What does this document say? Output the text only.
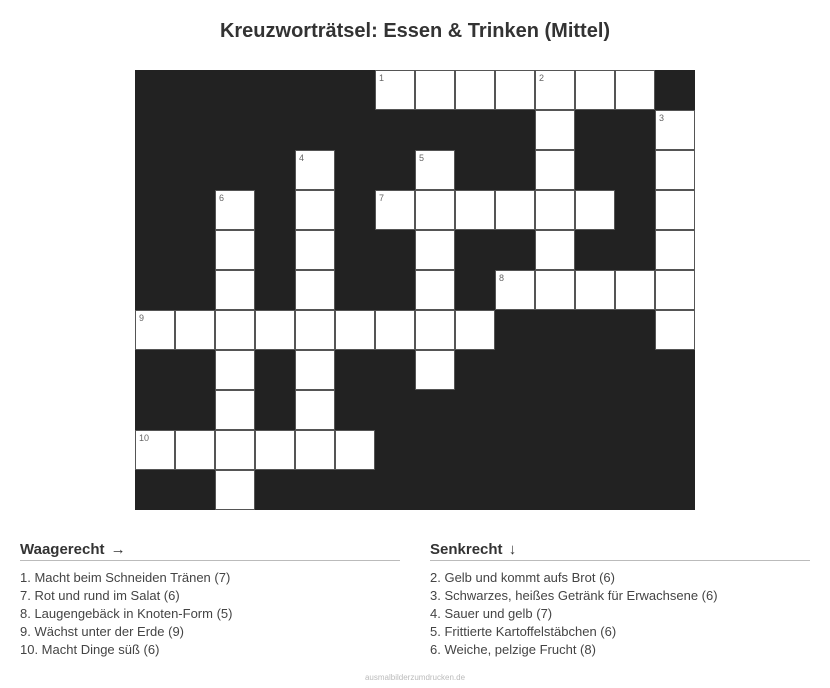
Kreuzworträtsel: Essen & Trinken (Mittel)
1	2
3
4	5
6	7
8
9
10
Waagerecht →
1. Macht beim Schneiden Tränen (7)
7. Rot und rund im Salat (6)
8. Laugengebäck in Knoten-Form (5)
9. Wächst unter der Erde (9)
10. Macht Dinge süß (6)
Senkrecht ↓
2. Gelb und kommt aufs Brot (6)
3. Schwarzes, heißes Getränk für Erwachsene (6)
4. Sauer und gelb (7)
5. Frittierte Kartoffelstäbchen (6)
6. Weiche, pelzige Frucht (8)
ausmalbilderzumdrucken.de
